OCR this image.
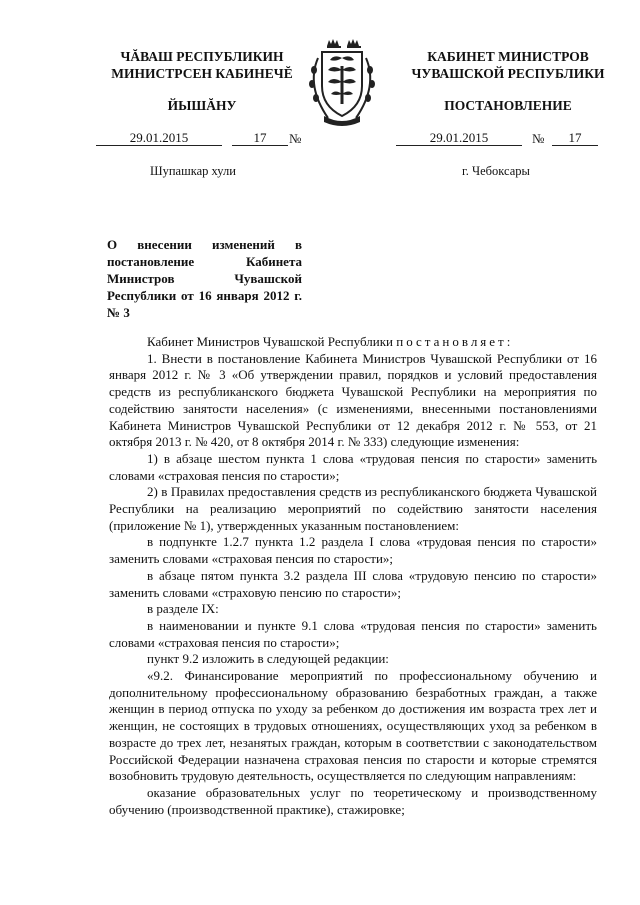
ЧĂВАШ РЕСПУБЛИКИН
МИНИСТРСЕН КАБИНЕЧĔ
ЙЫШĂНУ
КАБИНЕТ МИНИСТРОВ
ЧУВАШСКОЙ РЕСПУБЛИКИ
ПОСТАНОВЛЕНИЕ
29.01.2015	17	№	29.01.2015	№	17
Шупашкар хули	г. Чебоксары
О внесении изменений в постановление Кабинета Министров Чувашской Республики от 16 января 2012 г. № 3

Кабинет Министров Чувашской Республики постановляет:

1. Внести в постановление Кабинета Министров Чувашской Республики от 16 января 2012 г. № 3 «Об утверждении правил, порядков и условий предоставления средств из республиканского бюджета Чувашской Республики на мероприятия по содействию занятости населения» (с изменениями, внесенными постановлениями Кабинета Министров Чувашской Республики от 12 декабря 2012 г. № 553, от 21 октября 2013 г. № 420, от 8 октября 2014 г. № 333) следующие изменения:

1) в абзаце шестом пункта 1 слова «трудовая пенсия по старости» заменить словами «страховая пенсия по старости»;

2) в Правилах предоставления средств из республиканского бюджета Чувашской Республики на реализацию мероприятий по содействию занятости населения (приложение № 1), утвержденных указанным постановлением:

в подпункте 1.2.7 пункта 1.2 раздела I слова «трудовая пенсия по старости» заменить словами «страховая пенсия по старости»;

в абзаце пятом пункта 3.2 раздела III слова «трудовую пенсию по старости» заменить словами «страховую пенсию по старости»;

в разделе IX:

в наименовании и пункте 9.1 слова «трудовая пенсия по старости» заменить словами «страховая пенсия по старости»;

пункт 9.2 изложить в следующей редакции:

«9.2. Финансирование мероприятий по профессиональному обучению и дополнительному профессиональному образованию безработных граждан, а также женщин в период отпуска по уходу за ребенком до достижения им возраста трех лет и женщин, не состоящих в трудовых отношениях, осуществляющих уход за ребенком в возрасте до трех лет, незанятых граждан, которым в соответствии с законодательством Российской Федерации назначена страховая пенсия по старости и которые стремятся возобновить трудовую деятельность, осуществляется по следующим направлениям:

оказание образовательных услуг по теоретическому и производственному обучению (производственной практике), стажировке;
